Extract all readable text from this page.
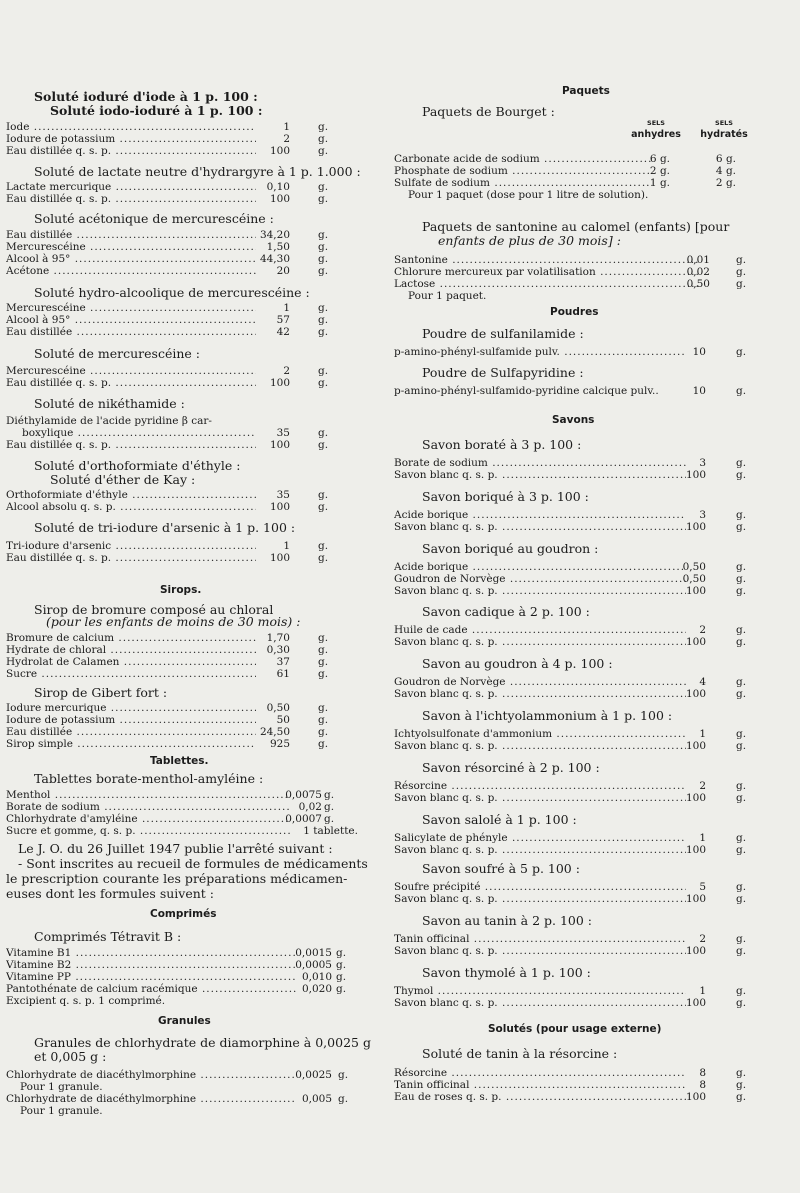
Soluté ioduré d'iode à 1 p. 100 :
Soluté iodo-ioduré à 1 p. 100 :
Iode .....	1	g.
Iodure de potassium .....	2	g.
Eau distillée q. s. p. .....	100	g.
Soluté de lactate neutre d'hydrargyre à 1 p. 1.000 :
Lactate mercurique .....	0,10	g.
Eau distillée q. s. p. .....	100	g.
Soluté acétonique de mercurescéine :
Eau distillée .....	34,20	g.
Mercurescéine .....	1,50	g.
Alcool à 95° .....	44,30	g.
Acétone .....	20	g.
Soluté hydro-alcoolique de mercurescéine :
Mercurescéine .....	1	g.
Alcool à 95° .....	57	g.
Eau distillée .....	42	g.
Soluté de mercurescéine :
Mercurescéine .....	2	g.
Eau distillée q. s. p. .....	100	g.
Soluté de nikéthamide :
Diéthylamide de l'acide pyridine β car-
boxylique .....	35	g.
Eau distillée q. s. p. .....	100	g.
Soluté d'orthoformiate d'éthyle :
Soluté d'éther de Kay :
Orthoformiate d'éthyle .....	35	g.
Alcool absolu q. s. p. .....	100	g.
Soluté de tri-iodure d'arsenic à 1 p. 100 :
Tri-iodure d'arsenic .....	1	g.
Eau distillée q. s. p. .....	100	g.
Sirops.
Sirop de bromure composé au chloral
(pour les enfants de moins de 30 mois) :
Bromure de calcium .....	1,70	g.
Hydrate de chloral .....	0,30	g.
Hydrolat de Calamen .....	37	g.
Sucre .....	61	g.
Sirop de Gibert fort :
Iodure mercurique .....	0,50	g.
Iodure de potassium .....	50	g.
Eau distillée .....	24,50	g.
Sirop simple .....	925	g.
Tablettes.
Tablettes borate-menthol-amyléine :
Menthol .....	0,0075 g.
Borate de sodium .....	0,02 g.
Chlorhydrate d'amyléine .....	0,0007 g.
Sucre et gomme, q. s. p. .....	1 tablette.
Le J. O. du 26 Juillet 1947 publie l'arrêté suivant :
- Sont inscrites au recueil de formules de médicaments
le prescription courante les préparations médicamen-
euses dont les formules suivent :
Comprimés
Comprimés Tétravit B :
Vitamine B1 .....	0,0015 g.
Vitamine B2 .....	0,0005 g.
Vitamine PP .....	0,010 g.
Pantothénate de calcium racémique .....	0,020 g.
Excipient q. s. p. 1 comprimé.
Granules
Granules de chlorhydrate de diamorphine à 0,0025 g
et 0,005 g :
Chlorhydrate de diacéthylmorphine .....	0,0025 g.
Pour 1 granule.
Chlorhydrate de diacéthylmorphine .....	0,005 g.
Pour 1 granule.
Paquets
Paquets de Bourget :
SELS
anhydres
SELS
hydratés
Carbonate acide de sodium .....	6 g.	6 g.
Phosphate de sodium .....	2 g.	4 g.
Sulfate de sodium .....	1 g.	2 g.
Pour 1 paquet (dose pour 1 litre de solution).
Paquets de santonine au calomel (enfants) [pour
enfants de plus de 30 mois] :
Santonine .....	0,01 g.
Chlorure mercureux par volatilisation .....	0,02 g.
Lactose .....	0,50 g.
Pour 1 paquet.
Poudres
Poudre de sulfanilamide :
p-amino-phényl-sulfamide pulv. .....	10	g.
Poudre de Sulfapyridine :
p-amino-phényl-sulfamido-pyridine calcique pulv..	10	g.
Savons
Savon boraté à 3 p. 100 :
Borate de sodium .....	3	g.
Savon blanc q. s. p. .....	100	g.
Savon boriqué à 3 p. 100 :
Acide borique .....	3	g.
Savon blanc q. s. p. .....	100	g.
Savon boriqué au goudron :
Acide borique .....	0,50	g.
Goudron de Norvège .....	0,50	g.
Savon blanc q. s. p. .....	100	g.
Savon cadique à 2 p. 100 :
Huile de cade .....	2	g.
Savon blanc q. s. p. .....	100	g.
Savon au goudron à 4 p. 100 :
Goudron de Norvège .....	4	g.
Savon blanc q. s. p. .....	100	g.
Savon à l'ichtyolammonium à 1 p. 100 :
Ichtyolsulfonate d'ammonium .....	1	g.
Savon blanc q. s. p. .....	100	g.
Savon résorciné à 2 p. 100 :
Résorcine .....	2	g.
Savon blanc q. s. p. .....	100	g.
Savon salolé à 1 p. 100 :
Salicylate de phényle .....	1	g.
Savon blanc q. s. p. .....	100	g.
Savon soufré à 5 p. 100 :
Soufre précipité .....	5	g.
Savon blanc q. s. p. .....	100	g.
Savon au tanin à 2 p. 100 :
Tanin officinal .....	2	g.
Savon blanc q. s. p. .....	100	g.
Savon thymolé à 1 p. 100 :
Thymol .....	1	g.
Savon blanc q. s. p. .....	100	g.
Solutés (pour usage externe)
Soluté de tanin à la résorcine :
Résorcine .....	8	g.
Tanin officinal .....	8	g.
Eau de roses q. s. p. .....	100	g.
